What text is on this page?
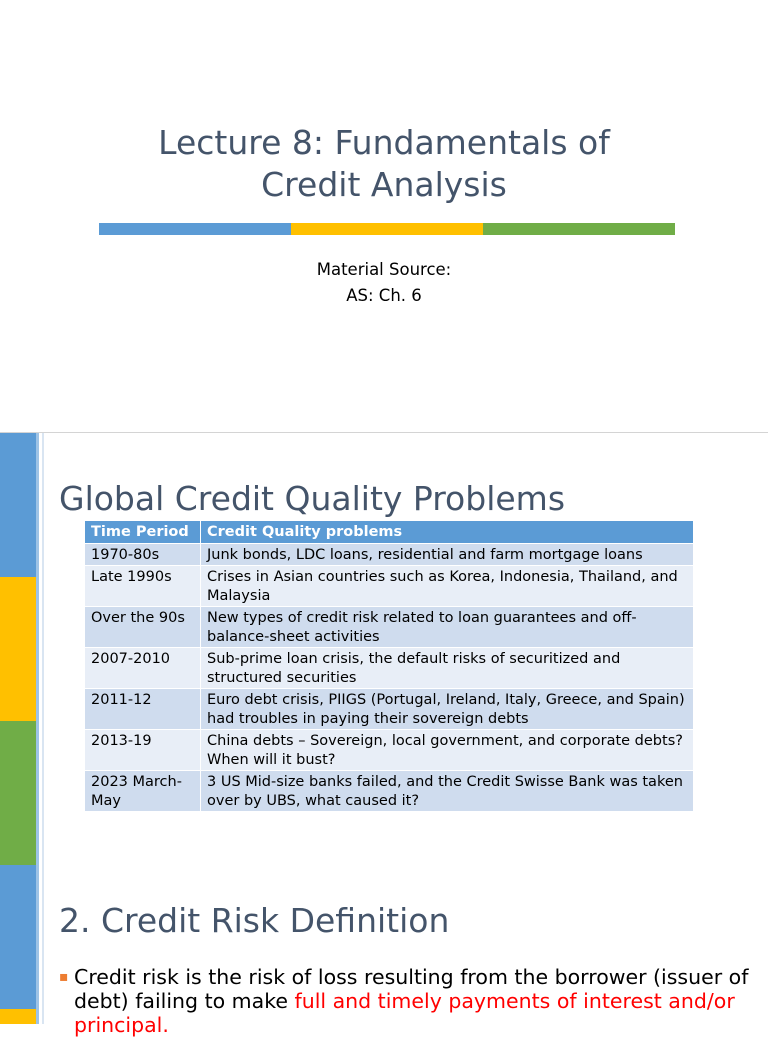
Lecture 8: Fundamentals of
Credit Analysis
Material Source:
AS: Ch. 6
Global Credit Quality Problems
Time Period	Credit Quality problems
1970-80s	Junk bonds, LDC loans, residential and farm mortgage loans
Late 1990s	Crises in Asian countries such as Korea, Indonesia, Thailand, and Malaysia
Over the 90s	New types of credit risk related to loan guarantees and off-balance-sheet activities
2007-2010	Sub-prime loan crisis, the default risks of securitized and structured securities
2011-12	Euro debt crisis, PIIGS (Portugal, Ireland, Italy, Greece, and Spain) had troubles in paying their sovereign debts
2013-19	China debts – Sovereign, local government, and corporate debts? When will it bust?
2023 March-May	3 US Mid-size banks failed, and the Credit Swisse Bank was taken over by UBS, what caused it?
2. Credit Risk Definition
▪ Credit risk is the risk of loss resulting from the borrower (issuer of debt) failing to make full and timely payments of interest and/or principal.
